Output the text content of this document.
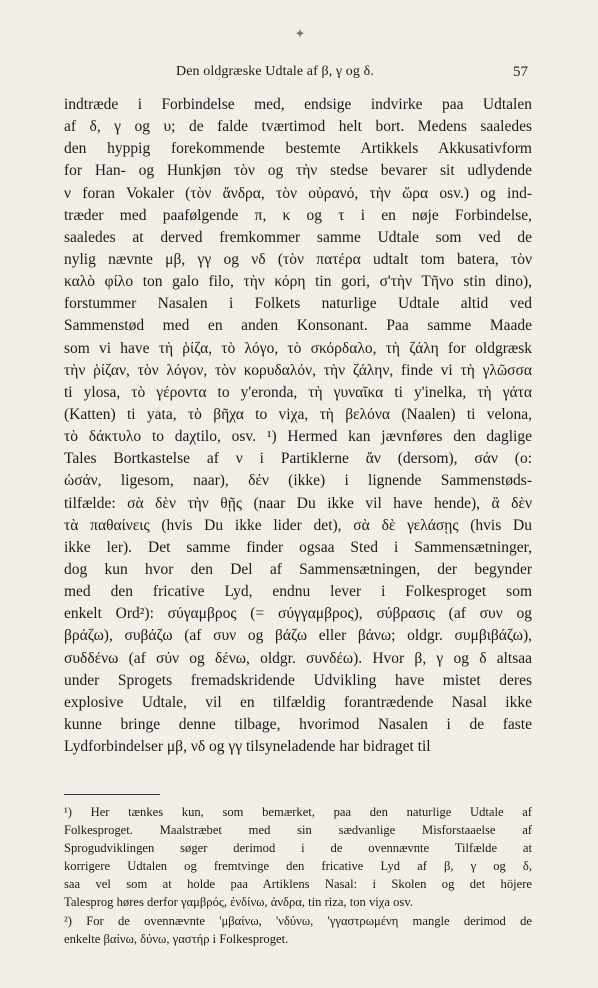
✦
Den oldgræske Udtale af β, γ og δ.	57
indtræde i Forbindelse med, endsige indvirke paa Udtalen
af δ, γ og υ; de falde tværtimod helt bort. Medens saaledes
den hyppig forekommende bestemte Artikkels Akkusativform
for Han- og Hunkjøn τὸν og τὴν stedse bevarer sit udlydende
ν foran Vokaler (τὸν ἄνδρα, τὸν οὐρανό, τὴν ὥρα osv.) og ind-
træder med paafølgende π, κ og τ i en nøje Forbindelse,
saaledes at derved fremkommer samme Udtale som ved de
nylig nævnte μβ, γγ og νδ (τὸν πατέρα udtalt tom batera, τὸν
καλὸ φίλο ton galo filo, τὴν κόρη tin gori, σ'τὴν Τῆνο stin dino),
forstummer Nasalen i Folkets naturlige Udtale altid ved
Sammenstød med en anden Konsonant. Paa samme Maade
som vi have τὴ ῥίζα, τὸ λόγο, τὸ σκόρδαλο, τὴ ζάλη for oldgræsk
τὴν ῥίζαν, τὸν λόγον, τὸν κορυδαλόν, τὴν ζάλην, finde vi τὴ γλῶσσα
ti ylosa, τὸ γέροντα to y'eronda, τὴ γυναῖκα ti y'inelka, τὴ γάτα
(Katten) ti yata, τὸ βῆχα to viχa, τὴ βελόνα (Naalen) ti velona,
τὸ δάκτυλο to daχtilo, osv. ¹) Hermed kan jævnføres den daglige
Tales Bortkastelse af ν i Partiklerne ἄν (dersom), σάν (o:
ὡσάν, ligesom, naar), δέν (ikke) i lignende Sammenstøds-
tilfælde: σὰ δὲν τὴν θῇς (naar Du ikke vil have hende), ἂ δὲν
τὰ παθαίνεις (hvis Du ikke lider det), σὰ δὲ γελάσῃς (hvis Du
ikke ler). Det samme finder ogsaa Sted i Sammensætninger,
dog kun hvor den Del af Sammensætningen, der begynder
med den fricative Lyd, endnu lever i Folkesproget som
enkelt Ord²): σύγαμβρος (= σύγγαμβρος), σύβρασις (af συν og
βράζω), συβάζω (af συν og βάζω eller βάνω; oldgr. συμβιβάζω),
συδδένω (af σύν og δένω, oldgr. συνδέω). Hvor β, γ og δ altsaa
under Sprogets fremadskridende Udvikling have mistet deres
explosive Udtale, vil en tilfældig forantrædende Nasal ikke
kunne bringe denne tilbage, hvorimod Nasalen i de faste
Lydforbindelser μβ, νδ og γγ tilsyneladende har bidraget til
¹) Her tænkes kun, som bemærket, paa den naturlige Udtale af
Folkesproget. Maalstræbet med sin sædvanlige Misforstaaelse af
Sprogudviklingen søger derimod i de ovennævnte Tilfælde at
korrigere Udtalen og fremtvinge den fricative Lyd af β, γ og δ,
saa vel som at holde paa Artiklens Nasal: i Skolen og det höjere
Talesprog høres derfor γαμβρός, ἐνδίνω, ἀνδρα, tin riza, ton viχa osv.
²) For de ovennævnte 'μβαίνω, 'νδύνω, 'γγαστρωμένη mangle derimod de
enkelte βαίνω, δύνω, γαστήρ i Folkesproget.
